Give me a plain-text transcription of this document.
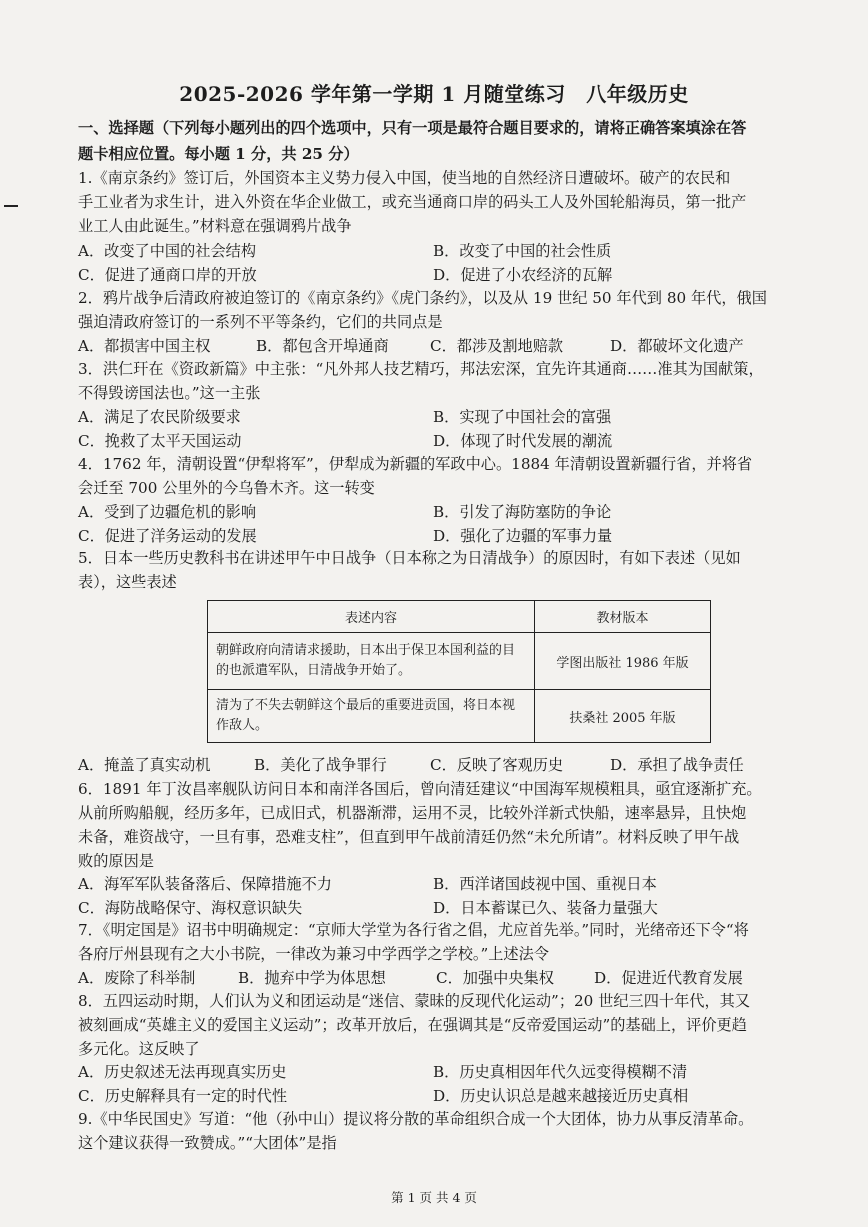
2025-2026 学年第一学期 1 月随堂练习　八年级历史
一、选择题（下列每小题列出的四个选项中，只有一项是最符合题目要求的，请将正确答案填涂在答
题卡相应位置。每小题 1 分，共 25 分）
1.《南京条约》签订后，外国资本主义势力侵入中国，使当地的自然经济日遭破坏。破产的农民和
手工业者为求生计，进入外资在华企业做工，或充当通商口岸的码头工人及外国轮船海员，第一批产
业工人由此诞生。”材料意在强调鸦片战争
A．改变了中国的社会结构	B．改变了中国的社会性质
C．促进了通商口岸的开放	D．促进了小农经济的瓦解
2．鸦片战争后清政府被迫签订的《南京条约》《虎门条约》，以及从 19 世纪 50 年代到 80 年代，俄国
强迫清政府签订的一系列不平等条约，它们的共同点是
A．都损害中国主权	B．都包含开埠通商	C．都涉及割地赔款	D．都破坏文化遗产
3．洪仁玕在《资政新篇》中主张：“凡外邦人技艺精巧，邦法宏深，宜先许其通商……准其为国献策，
不得毁谤国法也。”这一主张
A．满足了农民阶级要求	B．实现了中国社会的富强
C．挽救了太平天国运动	D．体现了时代发展的潮流
4．1762 年，清朝设置“伊犁将军”，伊犁成为新疆的军政中心。1884 年清朝设置新疆行省，并将省
会迁至 700 公里外的今乌鲁木齐。这一转变
A．受到了边疆危机的影响	B．引发了海防塞防的争论
C．促进了洋务运动的发展	D．强化了边疆的军事力量
5．日本一些历史教科书在讲述甲午中日战争（日本称之为日清战争）的原因时，有如下表述（见如
表），这些表述
表述内容	教材版本
朝鲜政府向清请求援助，日本出于保卫本国利益的目的也派遣军队，日清战争开始了。	学图出版社 1986 年版
清为了不失去朝鲜这个最后的重要进贡国，将日本视作敌人。	扶桑社 2005 年版
A．掩盖了真实动机	B．美化了战争罪行	C．反映了客观历史	D．承担了战争责任
6．1891 年丁汝昌率舰队访问日本和南洋各国后，曾向清廷建议“中国海军规模粗具，亟宜逐渐扩充。
从前所购船舰，经历多年，已成旧式，机器渐滞，运用不灵，比较外洋新式快船，速率悬异，且快炮
未备，难资战守，一旦有事，恐难支柱”，但直到甲午战前清廷仍然“未允所请”。材料反映了甲午战
败的原因是
A．海军军队装备落后、保障措施不力	B．西洋诸国歧视中国、重视日本
C．海防战略保守、海权意识缺失	D．日本蓄谋已久、装备力量强大
7．《明定国是》诏书中明确规定：“京师大学堂为各行省之倡，尤应首先举。”同时，光绪帝还下令“将
各府厅州县现有之大小书院，一律改为兼习中学西学之学校。”上述法令
A．废除了科举制	B．抛弃中学为体思想	C．加强中央集权	D．促进近代教育发展
8．五四运动时期，人们认为义和团运动是“迷信、蒙昧的反现代化运动”；20 世纪三四十年代，其又
被刻画成“英雄主义的爱国主义运动”；改革开放后，在强调其是“反帝爱国运动”的基础上，评价更趋
多元化。这反映了
A．历史叙述无法再现真实历史	B．历史真相因年代久远变得模糊不清
C．历史解释具有一定的时代性	D．历史认识总是越来越接近历史真相
9.《中华民国史》写道：“他（孙中山）提议将分散的革命组织合成一个大团体，协力从事反清革命。
这个建议获得一致赞成。”“大团体”是指
第 1 页 共 4 页
